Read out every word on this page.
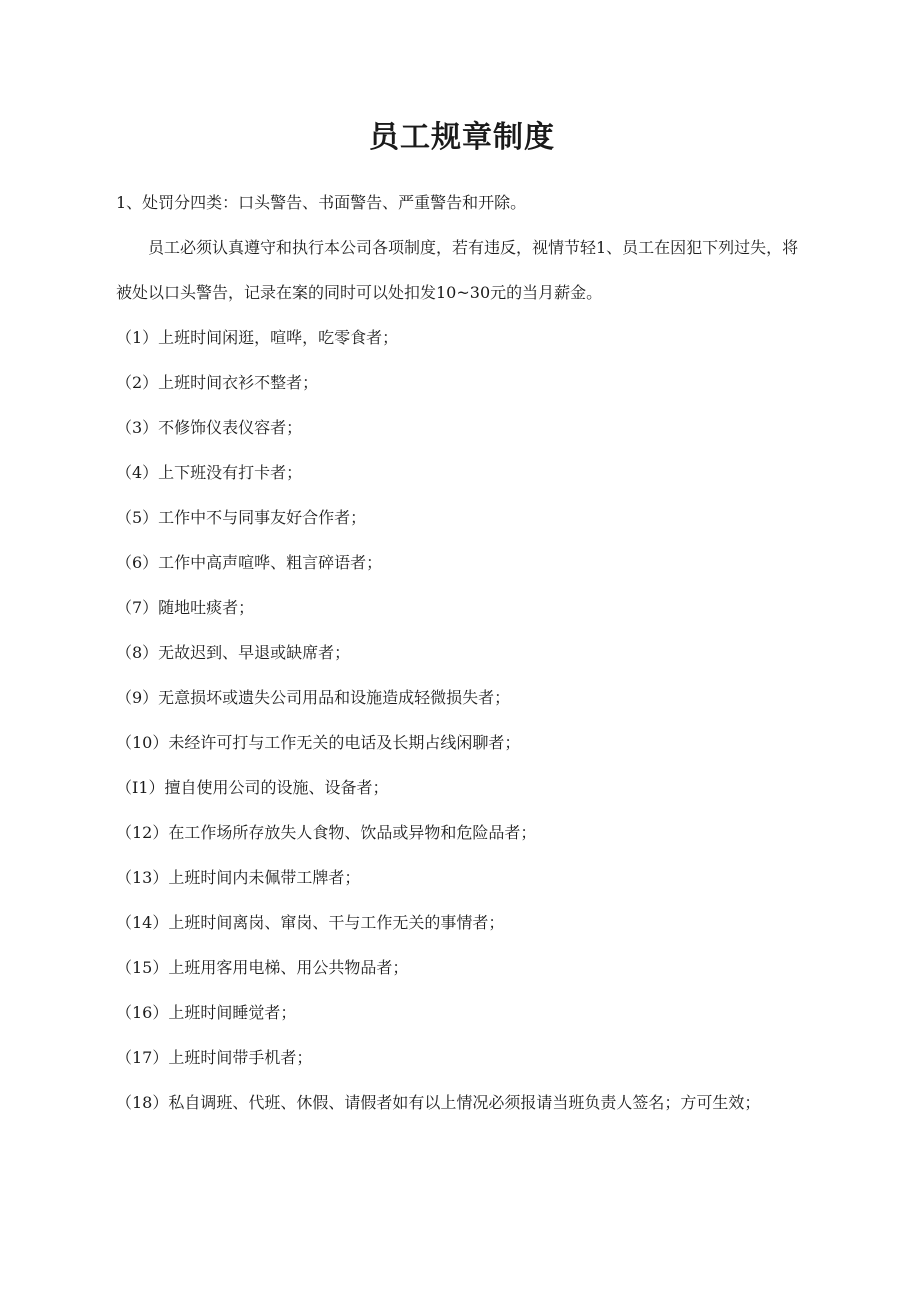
员工规章制度

1、处罚分四类：口头警告、书面警告、严重警告和开除。

员工必须认真遵守和执行本公司各项制度，若有违反，视情节轻1、员工在因犯下列过失，将被处以口头警告，记录在案的同时可以处扣发10~30元的当月薪金。

（1）上班时间闲逛，喧哗，吃零食者；
（2）上班时间衣衫不整者；
（3）不修饰仪表仪容者；
（4）上下班没有打卡者；
（5）工作中不与同事友好合作者；
（6）工作中高声喧哗、粗言碎语者；
（7）随地吐痰者；
（8）无故迟到、早退或缺席者；
（9）无意损坏或遗失公司用品和设施造成轻微损失者；
（10）未经许可打与工作无关的电话及长期占线闲聊者；
（I1）擅自使用公司的设施、设备者；
（12）在工作场所存放失人食物、饮品或异物和危险品者；
（13）上班时间内未佩带工牌者；
（14）上班时间离岗、窜岗、干与工作无关的事情者；
（15）上班用客用电梯、用公共物品者；
（16）上班时间睡觉者；
（17）上班时间带手机者；
（18）私自调班、代班、休假、请假者如有以上情况必须报请当班负责人签名；方可生效；
